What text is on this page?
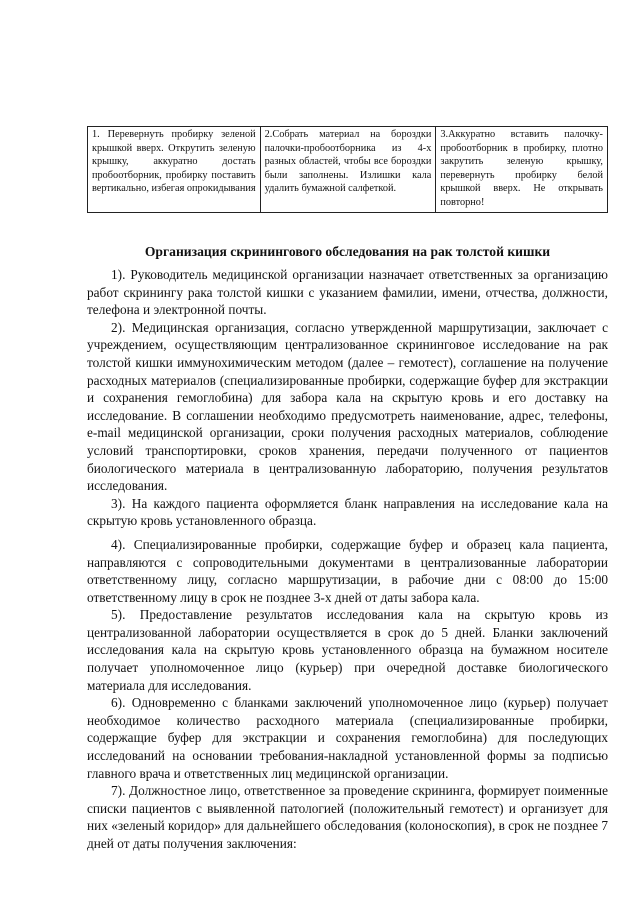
1. Перевернуть пробирку зеленой крышкой вверх. Открутить зеленую крышку, аккуратно достать пробоотборник, пробирку поставить вертикально, избегая опрокидывания	2.Собрать материал на бороздки палочки-пробоотборника из 4-х разных областей, чтобы все бороздки были заполнены. Излишки кала удалить бумажной салфеткой.	3.Аккуратно вставить палочку-пробоотборник в пробирку, плотно закрутить зеленую крышку, перевернуть пробирку белой крышкой вверх. Не открывать повторно!
Организация скринингового обследования на рак толстой кишки

1). Руководитель медицинской организации назначает ответственных за организацию работ скринингу рака толстой кишки с указанием фамилии, имени, отчества, должности, телефона и электронной почты.

2). Медицинская организация, согласно утвержденной маршрутизации, заключает с учреждением, осуществляющим централизованное скрининговое исследование на рак толстой кишки иммунохимическим методом (далее – гемотест), соглашение на получение расходных материалов (специализированные пробирки, содержащие буфер для экстракции и сохранения гемоглобина) для забора кала на скрытую кровь и его доставку на исследование. В соглашении необходимо предусмотреть наименование, адрес, телефоны, e-mail медицинской организации, сроки получения расходных материалов, соблюдение условий транспортировки, сроков хранения, передачи полученного от пациентов биологического материала в централизованную лабораторию, получения результатов исследования.

3). На каждого пациента оформляется бланк направления на исследование кала на скрытую кровь установленного образца.

4). Специализированные пробирки, содержащие буфер и образец кала пациента, направляются с сопроводительными документами в централизованные лаборатории ответственному лицу, согласно маршрутизации, в рабочие дни с 08:00 до 15:00 ответственному лицу в срок не позднее 3-х дней от даты забора кала.

5). Предоставление результатов исследования кала на скрытую кровь из централизованной лаборатории осуществляется в срок до 5 дней. Бланки заключений исследования кала на скрытую кровь установленного образца на бумажном носителе получает уполномоченное лицо (курьер) при очередной доставке биологического материала для исследования.

6). Одновременно с бланками заключений уполномоченное лицо (курьер) получает необходимое количество расходного материала (специализированные пробирки, содержащие буфер для экстракции и сохранения гемоглобина) для последующих исследований на основании требования-накладной установленной формы за подписью главного врача и ответственных лиц медицинской организации.

7). Должностное лицо, ответственное за проведение скрининга, формирует поименные списки пациентов с выявленной патологией (положительный гемотест) и организует для них «зеленый коридор» для дальнейшего обследования (колоноскопия), в срок не позднее 7 дней от даты получения заключения:
